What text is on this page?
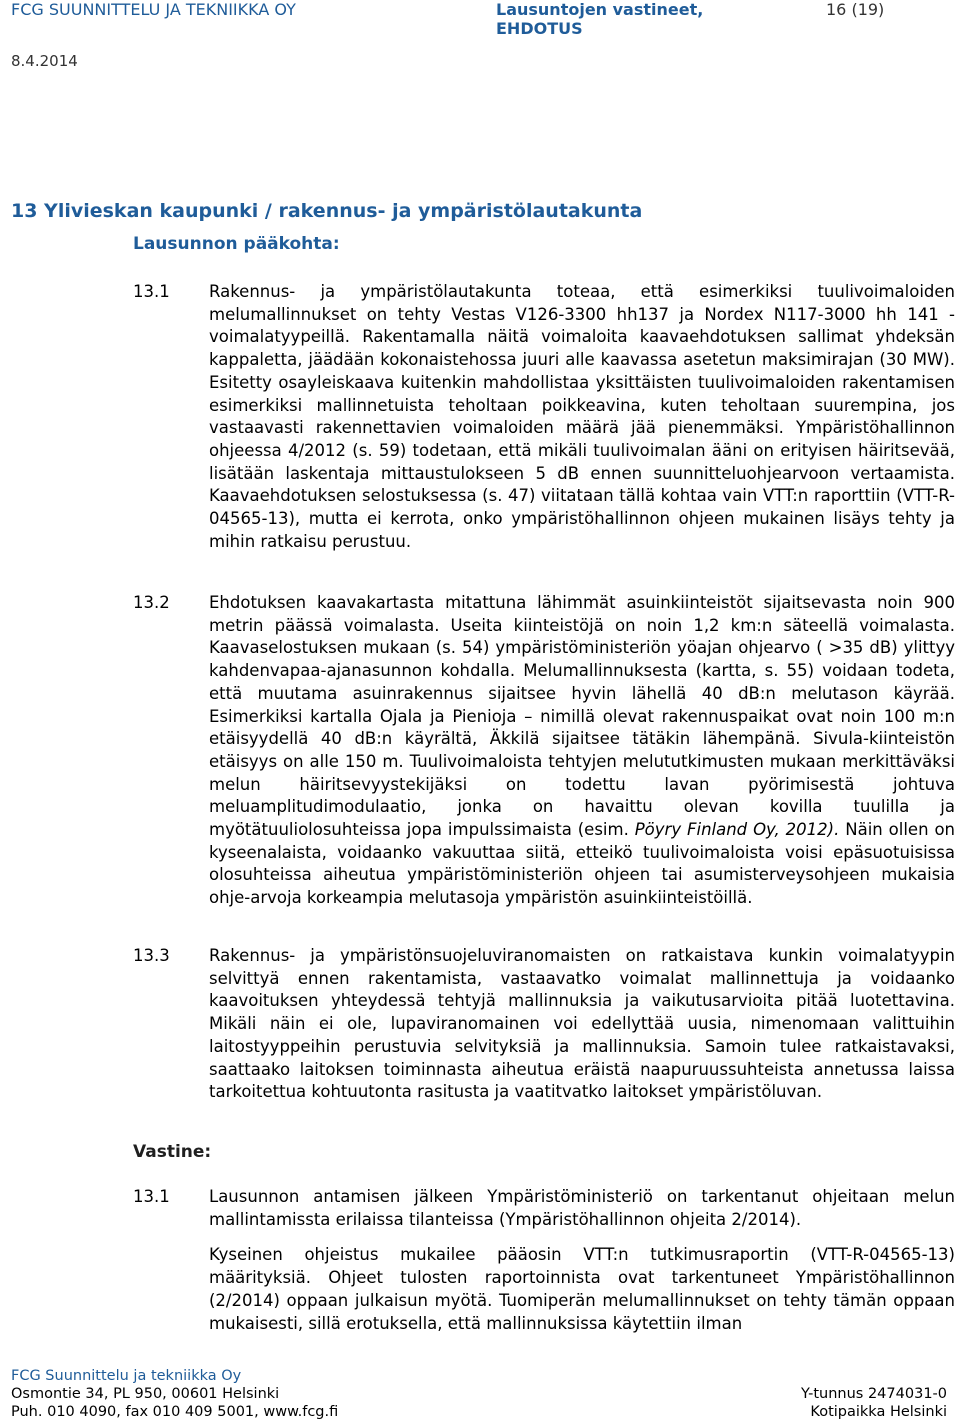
FCG SUUNNITTELU JA TEKNIIKKA OY	Lausuntojen vastineet,
EHDOTUS
16 (19)
8.4.2014
13 Ylivieskan kaupunki / rakennus- ja ympäristölautakunta
Lausunnon pääkohta:
13.1	Rakennus- ja ympäristölautakunta toteaa, että esimerkiksi tuulivoimaloiden melumallinnukset on tehty Vestas V126-3300 hh137 ja Nordex N117-3000 hh 141 -voimalatyypeillä. Rakentamalla näitä voimaloita kaavaehdotuksen sallimat yhdeksän kappaletta, jäädään kokonaistehossa juuri alle kaavassa asetetun maksimirajan (30 MW). Esitetty osayleiskaava kuitenkin mahdollistaa yksittäisten tuulivoimaloiden rakentamisen esimerkiksi mallinnetuista teholtaan poikkeavina, kuten teholtaan suurempina, jos vastaavasti rakennettavien voimaloiden määrä jää pienemmäksi. Ympäristöhallinnon ohjeessa 4/2012 (s. 59) todetaan, että mikäli tuulivoimalan ääni on erityisen häiritsevää, lisätään laskentaja mittaustulokseen 5 dB ennen suunnitteluohjearvoon vertaamista. Kaavaehdotuksen selostuksessa (s. 47) viitataan tällä kohtaa vain VTT:n raporttiin (VTT-R-04565-13), mutta ei kerrota, onko ympäristöhallinnon ohjeen mukainen lisäys tehty ja mihin ratkaisu perustuu.

13.2	Ehdotuksen kaavakartasta mitattuna lähimmät asuinkiinteistöt sijaitsevasta noin 900 metrin päässä voimalasta. Useita kiinteistöjä on noin 1,2 km:n säteellä voimalasta. Kaavaselostuksen mukaan (s. 54) ympäristöministeriön yöajan ohjearvo ( >35 dB) ylittyy kahdenvapaa-ajanasunnon kohdalla. Melumallinnuksesta (kartta, s. 55) voidaan todeta, että muutama asuinrakennus sijaitsee hyvin lähellä 40 dB:n melutason käyrää. Esimerkiksi kartalla Ojala ja Pienioja – nimillä olevat rakennuspaikat ovat noin 100 m:n etäisyydellä 40 dB:n käyrältä, Äkkilä sijaitsee tätäkin lähempänä. Sivula-kiinteistön etäisyys on alle 150 m. Tuulivoimaloista tehtyjen melututkimusten mukaan merkittäväksi melun häiritsevyystekijäksi on todettu lavan pyörimisestä johtuva meluamplitudimodulaatio, jonka on havaittu olevan kovilla tuulilla ja myötätuuliolosuhteissa jopa impulssimaista (esim. Pöyry Finland Oy, 2012). Näin ollen on kyseenalaista, voidaanko vakuuttaa siitä, etteikö tuulivoimaloista voisi epäsuotuisissa olosuhteissa aiheutua ympäristöministeriön ohjeen tai asumisterveysohjeen mukaisia ohje-arvoja korkeampia melutasoja ympäristön asuinkiinteistöillä.

13.3	Rakennus- ja ympäristönsuojeluviranomaisten on ratkaistava kunkin voimalatyypin selvittyä ennen rakentamista, vastaavatko voimalat mallinnettuja ja voidaanko kaavoituksen yhteydessä tehtyjä mallinnuksia ja vaikutusarvioita pitää luotettavina. Mikäli näin ei ole, lupaviranomainen voi edellyttää uusia, nimenomaan valittuihin laitostyyppeihin perustuvia selvityksiä ja mallinnuksia. Samoin tulee ratkaistavaksi, saattaako laitoksen toiminnasta aiheutua eräistä naapuruussuhteista annetussa laissa tarkoitettua kohtuutonta rasitusta ja vaatitvatko laitokset ympäristöluvan.

Vastine:
13.1	Lausunnon antamisen jälkeen Ympäristöministeriö on tarkentanut ohjeitaan melun mallintamissta erilaissa tilanteissa (Ympäristöhallinnon ohjeita 2/2014).

Kyseinen ohjeistus mukailee pääosin VTT:n tutkimusraportin (VTT-R-04565-13) määrityksiä. Ohjeet tulosten raportoinnista ovat tarkentuneet Ympäristöhallinnon (2/2014) oppaan julkaisun myötä. Tuomiperän melumallinnukset on tehty tämän oppaan mukaisesti, sillä erotuksella, että mallinnuksissa käytettiin ilman

FCG Suunnittelu ja tekniikka Oy
Osmontie 34, PL 950, 00601 Helsinki	Y-tunnus 2474031-0
Puh. 010 4090, fax 010 409 5001, www.fcg.fi	Kotipaikka Helsinki
